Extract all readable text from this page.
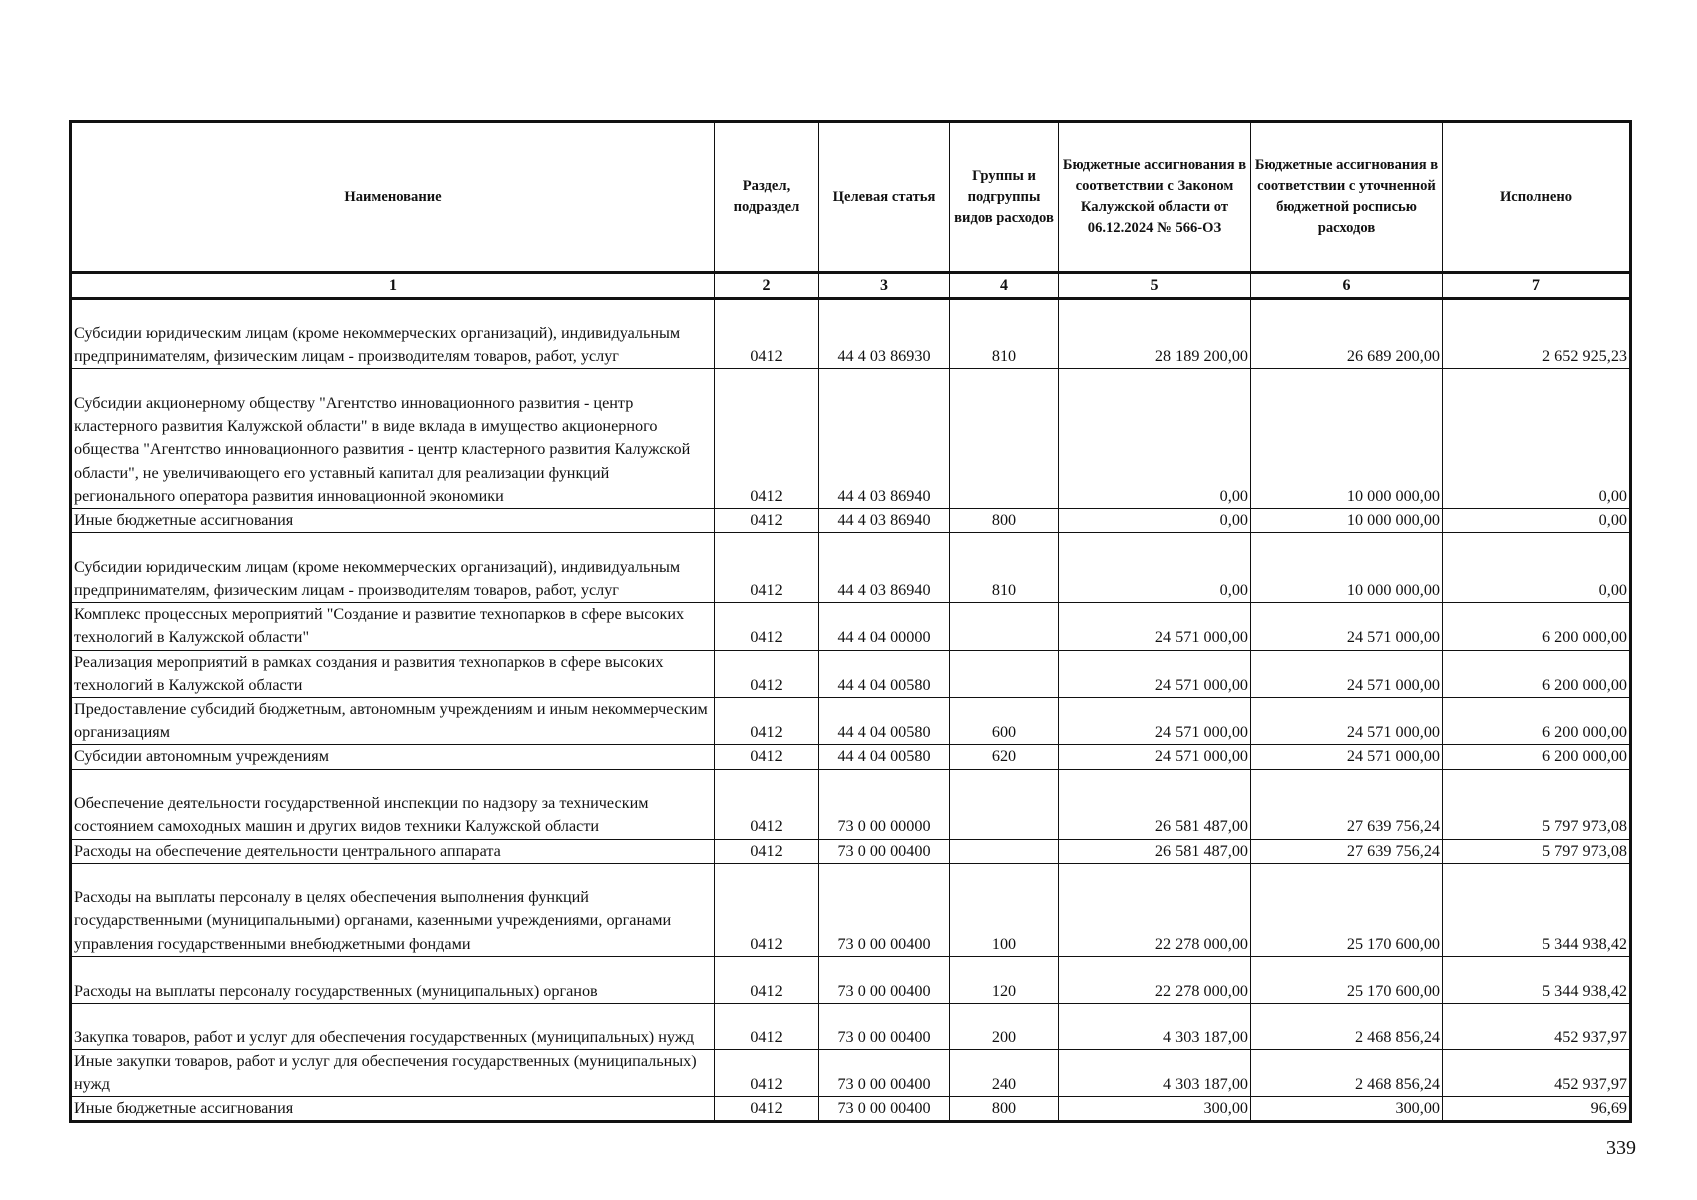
Наименование	Раздел, подраздел	Целевая статья	Группы и подгруппы видов расходов	Бюджетные ассигнования в соответствии с Законом Калужской области от 06.12.2024 № 566-ОЗ	Бюджетные ассигнования в соответствии с уточненной бюджетной росписью расходов	Исполнено
1	2	3	4	5	6	7
Субсидии юридическим лицам (кроме некоммерческих организаций), индивидуальным предпринимателям, физическим лицам - производителям товаров, работ, услуг	0412	44 4 03 86930	810	28 189 200,00	26 689 200,00	2 652 925,23
Субсидии акционерному обществу "Агентство инновационного развития - центр кластерного развития Калужской области" в виде вклада в имущество акционерного общества "Агентство инновационного развития - центр кластерного развития Калужской области", не увеличивающего его уставный капитал для реализации функций регионального оператора развития инновационной экономики	0412	44 4 03 86940		0,00	10 000 000,00	0,00
Иные бюджетные ассигнования	0412	44 4 03 86940	800	0,00	10 000 000,00	0,00
Субсидии юридическим лицам (кроме некоммерческих организаций), индивидуальным предпринимателям, физическим лицам - производителям товаров, работ, услуг	0412	44 4 03 86940	810	0,00	10 000 000,00	0,00
Комплекс процессных мероприятий "Создание и развитие технопарков в сфере высоких технологий в Калужской области"	0412	44 4 04 00000		24 571 000,00	24 571 000,00	6 200 000,00
Реализация мероприятий в рамках создания и развития технопарков в сфере высоких технологий в Калужской области	0412	44 4 04 00580		24 571 000,00	24 571 000,00	6 200 000,00
Предоставление субсидий бюджетным, автономным учреждениям и иным некоммерческим организациям	0412	44 4 04 00580	600	24 571 000,00	24 571 000,00	6 200 000,00
Субсидии автономным учреждениям	0412	44 4 04 00580	620	24 571 000,00	24 571 000,00	6 200 000,00
Обеспечение деятельности государственной инспекции по надзору за техническим состоянием самоходных машин и других видов техники Калужской области	0412	73 0 00 00000		26 581 487,00	27 639 756,24	5 797 973,08
Расходы на обеспечение деятельности центрального аппарата	0412	73 0 00 00400		26 581 487,00	27 639 756,24	5 797 973,08
Расходы на выплаты персоналу в целях обеспечения выполнения функций государственными (муниципальными) органами, казенными учреждениями, органами управления государственными внебюджетными фондами	0412	73 0 00 00400	100	22 278 000,00	25 170 600,00	5 344 938,42
Расходы на выплаты персоналу государственных (муниципальных) органов	0412	73 0 00 00400	120	22 278 000,00	25 170 600,00	5 344 938,42
Закупка товаров, работ и услуг для обеспечения государственных (муниципальных) нужд	0412	73 0 00 00400	200	4 303 187,00	2 468 856,24	452 937,97
Иные закупки товаров, работ и услуг для обеспечения государственных (муниципальных) нужд	0412	73 0 00 00400	240	4 303 187,00	2 468 856,24	452 937,97
Иные бюджетные ассигнования	0412	73 0 00 00400	800	300,00	300,00	96,69
339
